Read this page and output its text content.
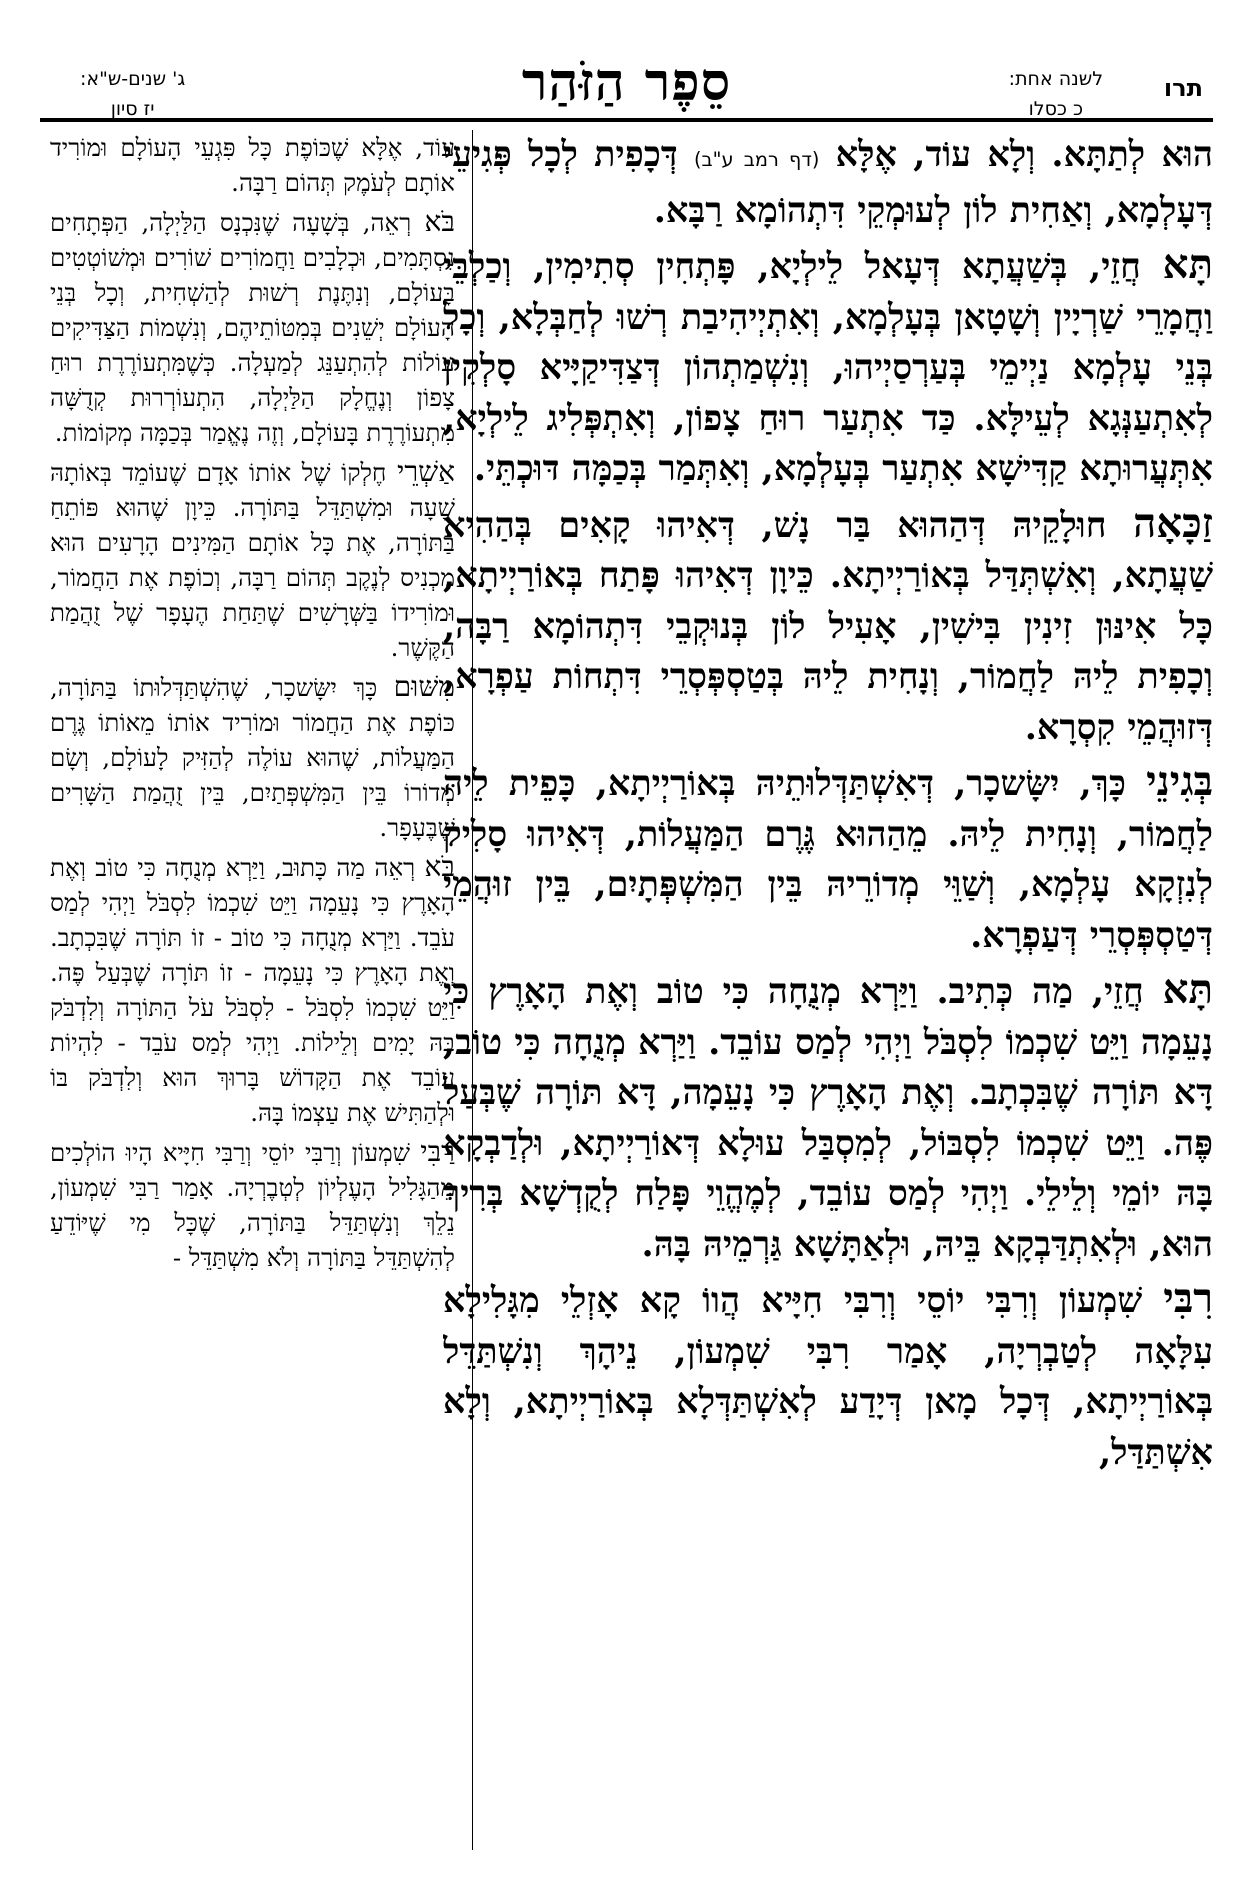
תרו
לשנה אחת:
כ כסלו
סֵפֶר הַזֹּהַר
ג' שנים-ש"א:
יז סיון

הוּא לְתַתָּא. וְלָא עוֹד, אֶלָּא (דף רמב ע"ב) דְּכָפִית לְכָל פְּגִיעֵי דְּעָלְמָא, וְאַחִית לוֹן לְעוּמְקֵי דִּתְהוֹמָא רַבָּא.

תָּא חֲזֵי, בְּשַׁעֲתָא דְּעָאל לֵילְיָא, פָּתְחִין סְתִימִין, וְכַלְבֵּי וַחֲמָרֵי שַׁרְיָין וְשָׁטָאן בְּעָלְמָא, וְאִתְיְיהִיבַת רְשׁוּ לְחַבְּלָא, וְכָל בְּנֵי עָלְמָא נַיְימֵי בְּעַרְסַיְיהוּ, וְנִשְׁמַתְהוֹן דְּצַדִּיקַיָּיא סָלְקִין לְאִתְעַנְּגָא לְעֵילָּא. כַּד אִתְעַר רוּחַ צָפוֹן, וְאִתְפְּלִיג לֵילְיָא, אִתְּעֲרוּתָא קַדִּישָׁא אִתְעַר בְּעָלְמָא, וְאִתְּמַר בְּכַמָּה דּוּכְתֵּי.

זַכָּאָה חוּלָקֵיהּ דְּהַהוּא בַּר נָשׁ, דְּאִיהוּ קָאִים בְּהַהִיא שַׁעֲתָא, וְאִשְׁתְּדַּל בְּאוֹרַיְיתָא. כֵּיוָן דְּאִיהוּ פָּתַח בְּאוֹרַיְיתָא, כָּל אִינּוּן זִינִין בִּישִׁין, אָעִיל לוֹן בְּנוּקְבֵי דִּתְהוֹמָא רַבָּה, וְכָפִית לֵיהּ לַחֲמוֹר, וְנָחִית לֵיהּ בְּטַסְפְּסְרֵי דִּתְחוֹת עַפְרָא, דְּזוּהֲמֵי קִסְרָא.

בְּגִינֵי כָּךְ, יִשָּׂשכָר, דְּאִשְׁתַּדְּלוּתֵיהּ בְּאוֹרַיְיתָא, כָּפֵית לֵיהּ לַחֲמוֹר, וְנָחִית לֵיהּ. מֵהַהוּא גֶּרֶם הַמַּעֲלוֹת, דְּאִיהוּ סָלִיק לְנִזְקָא עָלְמָא, וְשַׁוֵּי מְדוֹרֵיהּ בֵּין הַמִּשְׁפְּתָיִם, בֵּין זוּהֲמֵי דְּטַסְפְּסְרֵי דְּעַפְרָא.

תָּא חֲזֵי, מַה כְּתִיב. וַיַּרְא מְנֻחָה כִּי טוֹב וְאֶת הָאָרֶץ כִּי נָעֵמָה וַיֵּט שִׁכְמוֹ לִסְבֹּל וַיְהִי לְמַס עוֹבֵד. וַיַּרְא מְנֻחָה כִּי טוֹב, דָּא תּוֹרָה שֶׁבִּכְתָב. וְאֶת הָאָרֶץ כִּי נָעֵמָה, דָּא תּוֹרָה שֶׁבְּעַל פֶּה. וַיֵּט שִׁכְמוֹ לִסְבּוֹל, לְמִסְבַּל עוּלָא דְּאוֹרַיְיתָא, וּלְדַבְקָא בָּהּ יוֹמֵי וְלֵילֵי. וַיְהִי לְמַס עוֹבֵד, לְמֶהֱוֵי פָּלַח לְקֻדְשָׁא בְּרִיךְ הוּא, וּלְאִתְדַּבְקָא בֵּיהּ, וּלְאַתָּשָׁא גַּרְמֵיהּ בָּהּ.

רִבִּי שִׁמְעוֹן וְרִבִּי יוֹסֵי וְרִבִּי חִיָּיא הֲווֹ קָא אָזְלֵי מִגָּלִילָא עִלָּאָה לְטַבְרְיָה, אָמַר רִבִּי שִׁמְעוֹן, נֵיהָךְ וְנִשְׁתַּדֵּל בְּאוֹרַיְיתָא, דְּכָל מָאן דְּיָדַע לְאִשְׁתַּדְּלָא בְּאוֹרַיְיתָא, וְלָא אִשְׁתַּדַּל,

עוֹד, אֶלָּא שֶׁכּוֹפֶת כָּל פִּגְעֵי הָעוֹלָם וּמוֹרִיד אוֹתָם לְעֹמֶק תְּהוֹם רַבָּה.

בֹּא רְאֵה, בְּשָׁעָה שֶׁנִּכְנָס הַלַּיְלָה, הַפְּתָחִים נִסְתָּמִים, וּכְלָבִים וַחֲמוֹרִים שׁוֹרִים וּמְשׁוֹטְטִים בָּעוֹלָם, וְנִתֶּנֶת רְשׁוּת לְהַשְׁחִית, וְכָל בְּנֵי הָעוֹלָם יְשֵׁנִים בְּמִטּוֹתֵיהֶם, וְנִשְׁמוֹת הַצַּדִּיקִים עוֹלוֹת לְהִתְעַנֵּג לְמַעְלָה. כְּשֶׁמִּתְעוֹרֶרֶת רוּחַ צָפוֹן וְנֶחֱלָק הַלַּיְלָה, הִתְעוֹרְרוּת קְדֻשָּׁה מִתְעוֹרֶרֶת בָּעוֹלָם, וְזֶה נֶאֱמַר בְּכַמָּה מְקוֹמוֹת.

אַשְׁרֵי חֶלְקוֹ שֶׁל אוֹתוֹ אָדָם שֶׁעוֹמֵד בְּאוֹתָהּ שָׁעָה וּמִשְׁתַּדֵּל בַּתּוֹרָה. כֵּיוָן שֶׁהוּא פּוֹתֵחַ בַּתּוֹרָה, אֶת כָּל אוֹתָם הַמִּינִים הָרָעִים הוּא מַכְנִיס לְנֶקֶב תְּהוֹם רַבָּה, וְכוֹפֶת אֶת הַחֲמוֹר, וּמוֹרִידוֹ בַּשְּׁרָשִׁים שֶׁתַּחַת הֶעָפָר שֶׁל זֻהֲמַת הַקֶּשֶׁר.

מִשּׁוּם כָּךְ יִשָּׂשכָר, שֶׁהִשְׁתַּדְּלוּתוֹ בַּתּוֹרָה, כּוֹפֶת אֶת הַחֲמוֹר וּמוֹרִיד אוֹתוֹ מֵאוֹתוֹ גֶּרֶם הַמַּעֲלוֹת, שֶׁהוּא עוֹלֶה לְהַזִּיק לָעוֹלָם, וְשָׂם מְדוֹרוֹ בֵּין הַמִּשְׁפְּתַיִם, בֵּין זֻהֲמַת הַשָּׁרִים שֶׁבֶּעָפָר.

בֹּא רְאֵה מַה כָּתוּב, וַיַּרְא מְנֻחָה כִּי טוֹב וְאֶת הָאָרֶץ כִּי נָעֵמָה וַיֵּט שִׁכְמוֹ לִסְבֹּל וַיְהִי לְמַס עֹבֵד. וַיַּרְא מְנֻחָה כִּי טוֹב - זוֹ תּוֹרָה שֶׁבִּכְתָב. וְאֶת הָאָרֶץ כִּי נָעֵמָה - זוֹ תּוֹרָה שֶׁבְּעַל פֶּה. וַיֵּט שִׁכְמוֹ לִסְבֹּל - לִסְבֹּל עֹל הַתּוֹרָה וְלִדְבֹּק בָּהּ יָמִים וְלֵילוֹת. וַיְהִי לְמַס עֹבֵד - לִהְיוֹת עוֹבֵד אֶת הַקָּדוֹשׁ בָּרוּךְ הוּא וְלִדְבֹּק בּוֹ וּלְהַתִּישׁ אֶת עַצְמוֹ בָּהּ.

רַבִּי שִׁמְעוֹן וְרַבִּי יוֹסֵי וְרַבִּי חִיָּיא הָיוּ הוֹלְכִים מֵהַגָּלִיל הָעֶלְיוֹן לְטְבֶרְיָה. אָמַר רַבִּי שִׁמְעוֹן, נֵלֵךְ וְנִשְׁתַּדֵּל בַּתּוֹרָה, שֶׁכָּל מִי שֶׁיּוֹדֵעַ לְהִשְׁתַּדֵּל בַּתּוֹרָה וְלֹא מִשְׁתַּדֵּל -
